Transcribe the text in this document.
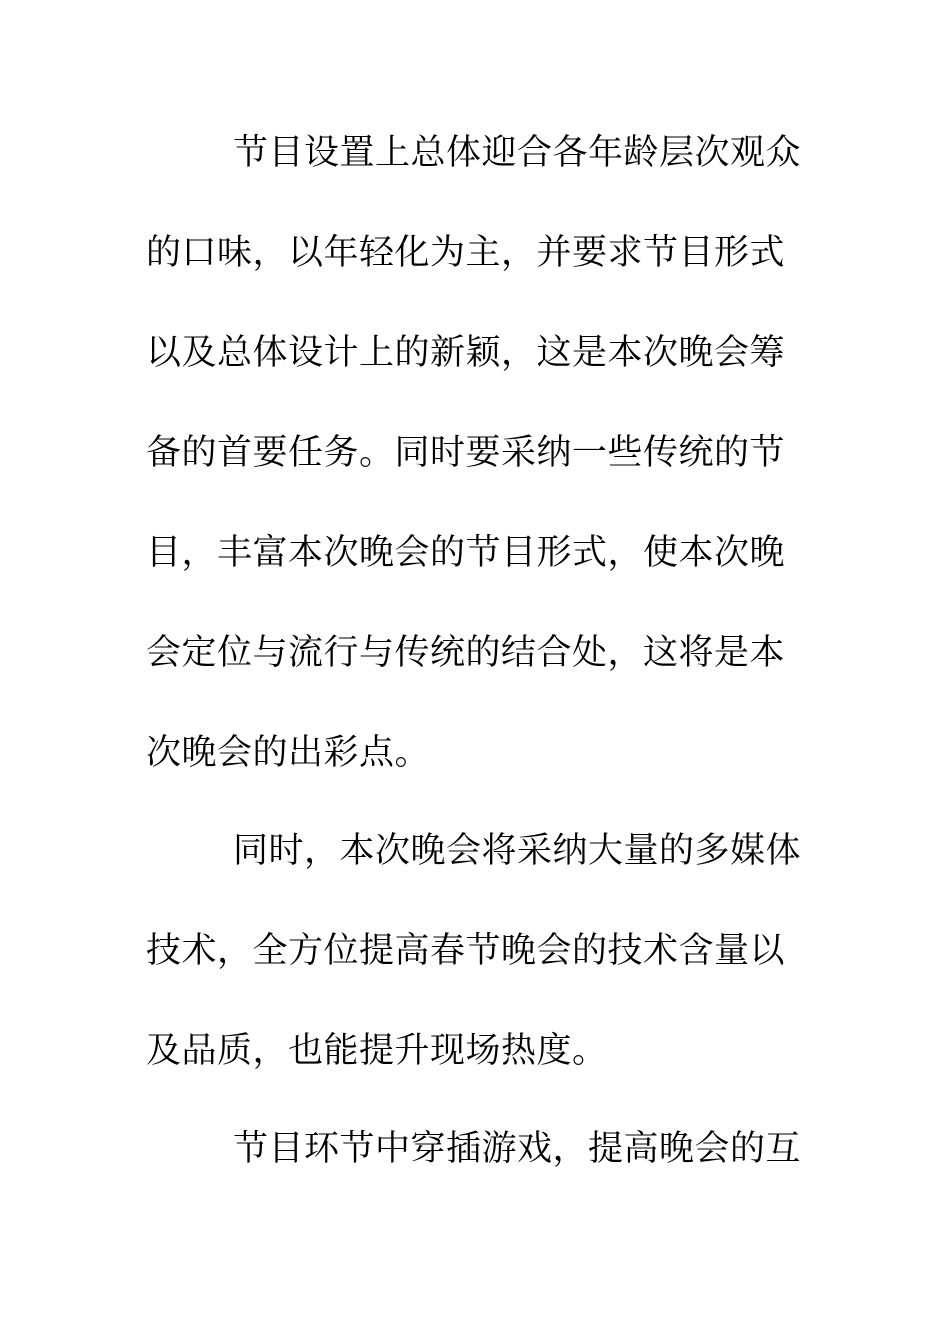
节目设置上总体迎合各年龄层次观众
的口味，以年轻化为主，并要求节目形式
以及总体设计上的新颖，这是本次晚会筹
备的首要任务。同时要采纳一些传统的节
目，丰富本次晚会的节目形式，使本次晚
会定位与流行与传统的结合处，这将是本
次晚会的出彩点。
同时，本次晚会将采纳大量的多媒体
技术，全方位提高春节晚会的技术含量以
及品质，也能提升现场热度。
节目环节中穿插游戏，提高晚会的互
